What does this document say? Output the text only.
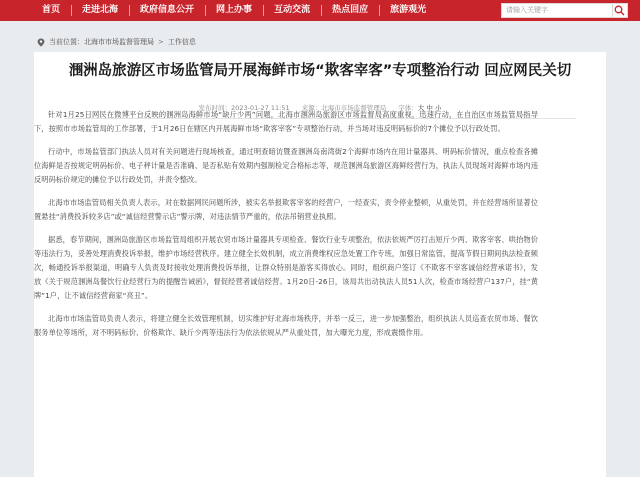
首页	走进北海	政府信息公开	网上办事	互动交流	热点回应	旅游观光	请输入关键字
当前位置： 北海市市场监督管理局 > 工作信息
涠洲岛旅游区市场监管局开展海鲜市场“欺客宰客”专项整治行动 回应网民关切
发布时间：2023-01-27 11:51 来源：北海市市场监督管理局 字体：大 中 小

针对1月25日网民在微博平台反映的涠洲岛海鲜市场“缺斤少两”问题，北海市涠洲岛旅游区市场监督局高度重视，迅速行动，在自治区市场监管局指导下，按照市市场监管局的工作部署，于1月26日在辖区内开展海鲜市场“欺客宰客”专项整治行动，并当场对违反明码标价的7个摊位予以行政处罚。

行动中，市场监管部门执法人员对有关问题进行现场核查，通过明查暗访暨查涠洲岛南湾街2个海鲜市场内在用计量器具、明码标价情况，重点检查各摊位海鲜是否按规定明码标价、电子秤计量是否准确、是否私贴有效期内强制检定合格标志等，规范涠洲岛旅游区海鲜经营行为，执法人员现场对海鲜市场内违反明码标价规定的摊位予以行政处罚，并责令整改。

北海市市场监管局相关负责人表示，对在数据网民问题所涉，被实名举报欺客宰客的经营户，一经查实，责令停业整顿，从重处罚，并在经营场所显著位置悬挂“消费投诉较多店”或“诚信经营警示店”警示牌，对违法情节严重的，依法吊销营业执照。

据悉，春节期间，涠洲岛旅游区市场监管局组织开展农贸市场计量器具专项检查、餐饮行业专项整治，依法依规严厉打击短斤少两、欺客宰客、哄抬物价等违法行为，妥善处理消费投诉举报，维护市场经营秩序。建立健全长效机制，成立消费维权应急处置工作专班，加强日常监管，提高节假日期间执法检查频次，畅通投诉举报渠道，明确专人负责及时接收处理消费投诉举报，让群众特别是游客买得放心。同时，组织商户签订《不欺客不宰客诚信经营承诺书》，发放《关于规范涠洲岛餐饮行业经营行为的提醒告诫函》，督促经营者诚信经营。1月20日-26日，该局共出动执法人员51人次，检查市场经营户137户，挂“黄牌”1户，让不诚信经营商家“亮丑”。

北海市市场监管局负责人表示，将建立健全长效管理机制，切实维护好北海市场秩序，并举一反三，进一步加强整治，组织执法人员巡查农贸市场、餐饮服务单位等场所，对不明码标价、价格欺诈、缺斤少两等违法行为依法依规从严从重处罚，加大曝光力度，形成震慑作用。
